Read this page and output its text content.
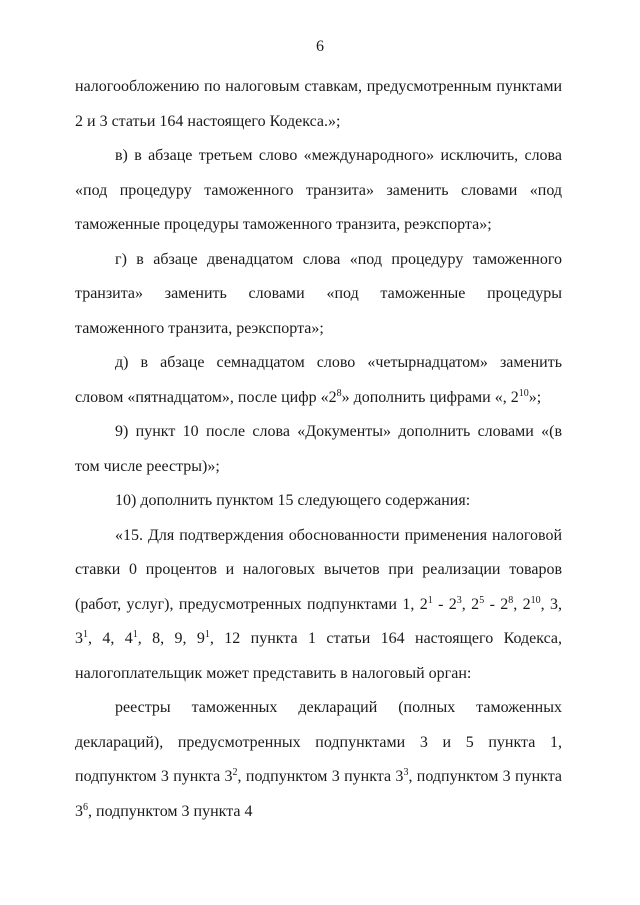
6

налогообложению по налоговым ставкам, предусмотренным пунктами 2 и 3 статьи 164 настоящего Кодекса.»;

в) в абзаце третьем слово «международного» исключить, слова «под процедуру таможенного транзита» заменить словами «под таможенные процедуры таможенного транзита, реэкспорта»;

г) в абзаце двенадцатом слова «под процедуру таможенного транзита» заменить словами «под таможенные процедуры таможенного транзита, реэкспорта»;

д) в абзаце семнадцатом слово «четырнадцатом» заменить словом «пятнадцатом», после цифр «$2^8$» дополнить цифрами «, $2^{10}$»;

9) пункт 10 после слова «Документы» дополнить словами «(в том числе реестры)»;

10) дополнить пунктом 15 следующего содержания:

«15. Для подтверждения обоснованности применения налоговой ставки 0 процентов и налоговых вычетов при реализации товаров (работ, услуг), предусмотренных подпунктами 1, $2^1 - 2^3$, $2^5 - 2^8$, $2^{10}$, 3, $3^1$, 4, $4^1$, 8, 9, $9^1$, 12 пункта 1 статьи 164 настоящего Кодекса, налогоплательщик может представить в налоговый орган:

реестры таможенных деклараций (полных таможенных деклараций), предусмотренных подпунктами 3 и 5 пункта 1, подпунктом 3 пункта $3^2$, подпунктом 3 пункта $3^3$, подпунктом 3 пункта $3^6$, подпунктом 3 пункта 4
